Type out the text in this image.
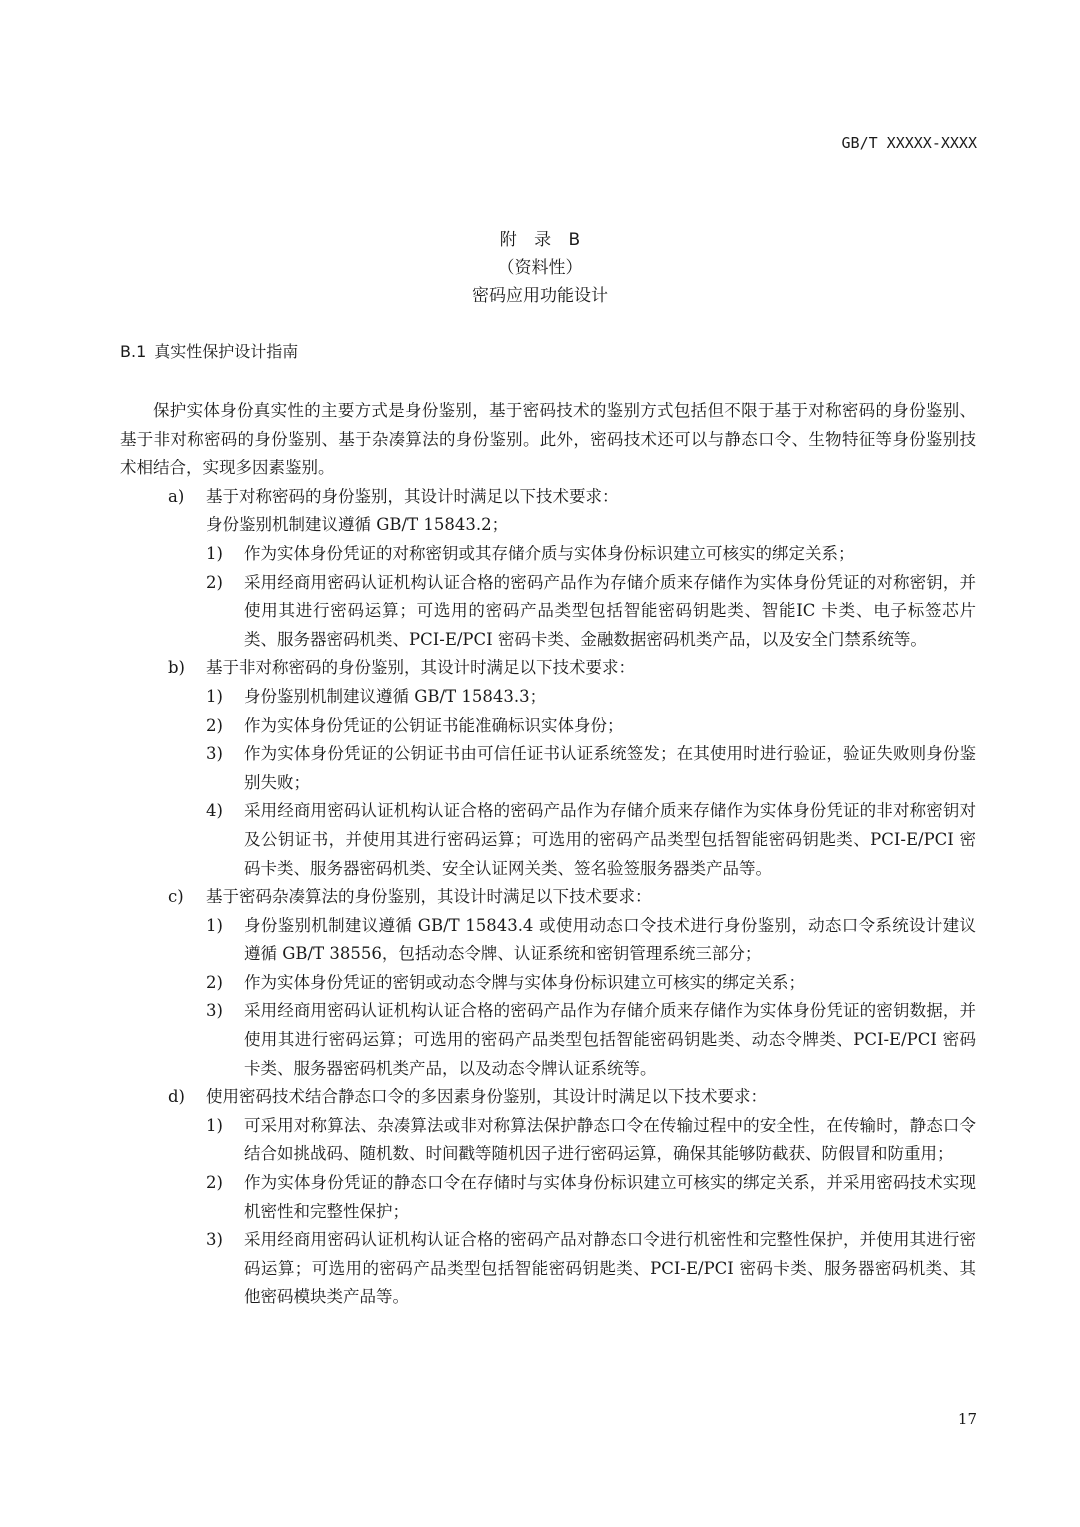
GB/T XXXXX-XXXX
附 录 B
（资料性）
密码应用功能设计
B.1 真实性保护设计指南

保护实体身份真实性的主要方式是身份鉴别，基于密码技术的鉴别方式包括但不限于基于对称密码的身份鉴别、基于非对称密码的身份鉴别、基于杂凑算法的身份鉴别。此外，密码技术还可以与静态口令、生物特征等身份鉴别技术相结合，实现多因素鉴别。

a) 基于对称密码的身份鉴别，其设计时满足以下技术要求：
身份鉴别机制建议遵循 GB/T 15843.2；
1) 作为实体身份凭证的对称密钥或其存储介质与实体身份标识建立可核实的绑定关系；
2) 采用经商用密码认证机构认证合格的密码产品作为存储介质来存储作为实体身份凭证的对称密钥，并使用其进行密码运算；可选用的密码产品类型包括智能密码钥匙类、智能IC 卡类、电子标签芯片类、服务器密码机类、PCI-E/PCI 密码卡类、金融数据密码机类产品，以及安全门禁系统等。
b) 基于非对称密码的身份鉴别，其设计时满足以下技术要求：
1) 身份鉴别机制建议遵循 GB/T 15843.3；
2) 作为实体身份凭证的公钥证书能准确标识实体身份；
3) 作为实体身份凭证的公钥证书由可信任证书认证系统签发；在其使用时进行验证，验证失败则身份鉴别失败；
4) 采用经商用密码认证机构认证合格的密码产品作为存储介质来存储作为实体身份凭证的非对称密钥对及公钥证书，并使用其进行密码运算；可选用的密码产品类型包括智能密码钥匙类、PCI-E/PCI 密码卡类、服务器密码机类、安全认证网关类、签名验签服务器类产品等。
c) 基于密码杂凑算法的身份鉴别，其设计时满足以下技术要求：
1) 身份鉴别机制建议遵循 GB/T 15843.4 或使用动态口令技术进行身份鉴别，动态口令系统设计建议遵循 GB/T 38556，包括动态令牌、认证系统和密钥管理系统三部分；
2) 作为实体身份凭证的密钥或动态令牌与实体身份标识建立可核实的绑定关系；
3) 采用经商用密码认证机构认证合格的密码产品作为存储介质来存储作为实体身份凭证的密钥数据，并使用其进行密码运算；可选用的密码产品类型包括智能密码钥匙类、动态令牌类、PCI-E/PCI 密码卡类、服务器密码机类产品，以及动态令牌认证系统等。
d) 使用密码技术结合静态口令的多因素身份鉴别，其设计时满足以下技术要求：
1) 可采用对称算法、杂凑算法或非对称算法保护静态口令在传输过程中的安全性，在传输时，静态口令结合如挑战码、随机数、时间戳等随机因子进行密码运算，确保其能够防截获、防假冒和防重用；
2) 作为实体身份凭证的静态口令在存储时与实体身份标识建立可核实的绑定关系，并采用密码技术实现机密性和完整性保护；
3) 采用经商用密码认证机构认证合格的密码产品对静态口令进行机密性和完整性保护，并使用其进行密码运算；可选用的密码产品类型包括智能密码钥匙类、PCI-E/PCI 密码卡类、服务器密码机类、其他密码模块类产品等。
17
